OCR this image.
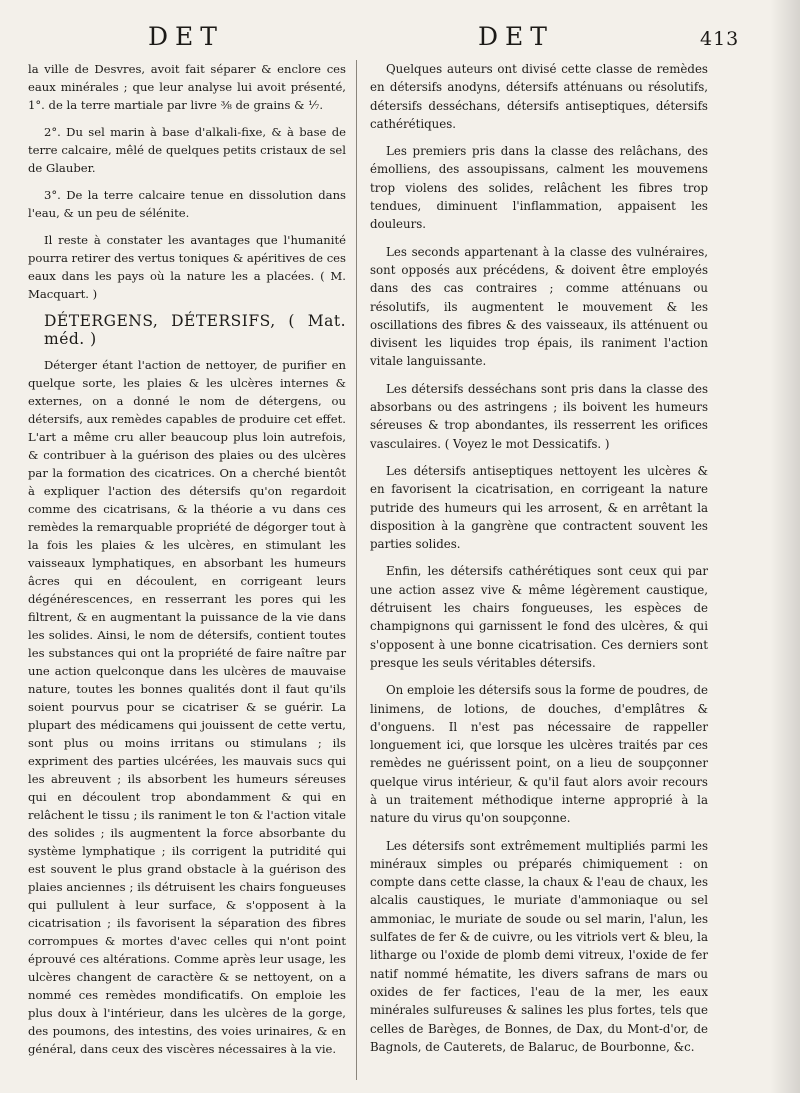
DET	DET	413

la ville de Desvres, avoit fait séparer & enclore ces eaux minérales ; que leur analyse lui avoit présenté, 1°. de la terre martiale par livre ⅜ de grains & ⅐.

2°. Du sel marin à base d'alkali-fixe, & à base de terre calcaire, mêlé de quelques petits cristaux de sel de Glauber.

3°. De la terre calcaire tenue en dissolution dans l'eau, & un peu de sélénite.

Il reste à constater les avantages que l'humanité pourra retirer des vertus toniques & apéritives de ces eaux dans les pays où la nature les a placées. ( M. Macquart. )

DÉTERGENS, DÉTERSIFS, ( Mat. méd. )

Déterger étant l'action de nettoyer, de purifier en quelque sorte, les plaies & les ulcères internes & externes, on a donné le nom de détergens, ou détersifs, aux remèdes capables de produire cet effet. L'art a même cru aller beaucoup plus loin autrefois, & contribuer à la guérison des plaies ou des ulcères par la formation des cicatrices. On a cherché bientôt à expliquer l'action des détersifs qu'on regardoit comme des cicatrisans, & la théorie a vu dans ces remèdes la remarquable propriété de dégorger tout à la fois les plaies & les ulcères, en stimulant les vaisseaux lymphatiques, en absorbant les humeurs âcres qui en découlent, en corrigeant leurs dégénérescences, en resserrant les pores qui les filtrent, & en augmentant la puissance de la vie dans les solides. Ainsi, le nom de détersifs, contient toutes les substances qui ont la propriété de faire naître par une action quelconque dans les ulcères de mauvaise nature, toutes les bonnes qualités dont il faut qu'ils soient pourvus pour se cicatriser & se guérir. La plupart des médicamens qui jouissent de cette vertu, sont plus ou moins irritans ou stimulans ; ils expriment des parties ulcérées, les mauvais sucs qui les abreuvent ; ils absorbent les humeurs séreuses qui en découlent trop abondamment & qui en relâchent le tissu ; ils raniment le ton & l'action vitale des solides ; ils augmentent la force absorbante du système lymphatique ; ils corrigent la putridité qui est souvent le plus grand obstacle à la guérison des plaies anciennes ; ils détruisent les chairs fongueuses qui pullulent à leur surface, & s'opposent à la cicatrisation ; ils favorisent la séparation des fibres corrompues & mortes d'avec celles qui n'ont point éprouvé ces altérations. Comme après leur usage, les ulcères changent de caractère & se nettoyent, on a nommé ces remèdes mondificatifs. On emploie les plus doux à l'intérieur, dans les ulcères de la gorge, des poumons, des intestins, des voies urinaires, & en général, dans ceux des viscères nécessaires à la vie.

Quelques auteurs ont divisé cette classe de remèdes en détersifs anodyns, détersifs atténuans ou résolutifs, détersifs desséchans, détersifs antiseptiques, détersifs cathérétiques.

Les premiers pris dans la classe des relâchans, des émolliens, des assoupissans, calment les mouvemens trop violens des solides, relâchent les fibres trop tendues, diminuent l'inflammation, appaisent les douleurs.

Les seconds appartenant à la classe des vulnéraires, sont opposés aux précédens, & doivent être employés dans des cas contraires ; comme atténuans ou résolutifs, ils augmentent le mouvement & les oscillations des fibres & des vaisseaux, ils atténuent ou divisent les liquides trop épais, ils raniment l'action vitale languissante.

Les détersifs desséchans sont pris dans la classe des absorbans ou des astringens ; ils boivent les humeurs séreuses & trop abondantes, ils resserrent les orifices vasculaires. ( Voyez le mot Dessicatifs. )

Les détersifs antiseptiques nettoyent les ulcères & en favorisent la cicatrisation, en corrigeant la nature putride des humeurs qui les arrosent, & en arrêtant la disposition à la gangrène que contractent souvent les parties solides.

Enfin, les détersifs cathérétiques sont ceux qui par une action assez vive & même légèrement caustique, détruisent les chairs fongueuses, les espèces de champignons qui garnissent le fond des ulcères, & qui s'opposent à une bonne cicatrisation. Ces derniers sont presque les seuls véritables détersifs.

On emploie les détersifs sous la forme de poudres, de linimens, de lotions, de douches, d'emplâtres & d'onguens. Il n'est pas nécessaire de rappeller longuement ici, que lorsque les ulcères traités par ces remèdes ne guérissent point, on a lieu de soupçonner quelque virus intérieur, & qu'il faut alors avoir recours à un traitement méthodique interne approprié à la nature du virus qu'on soupçonne.

Les détersifs sont extrêmement multipliés parmi les minéraux simples ou préparés chimiquement : on compte dans cette classe, la chaux & l'eau de chaux, les alcalis caustiques, le muriate d'ammoniaque ou sel ammoniac, le muriate de soude ou sel marin, l'alun, les sulfates de fer & de cuivre, ou les vitriols vert & bleu, la litharge ou l'oxide de plomb demi vitreux, l'oxide de fer natif nommé hématite, les divers safrans de mars ou oxides de fer factices, l'eau de la mer, les eaux minérales sulfureuses & salines les plus fortes, tels que celles de Barèges, de Bonnes, de Dax, du Mont-d'or, de Bagnols, de Cauterets, de Balaruc, de Bourbonne, &c.
